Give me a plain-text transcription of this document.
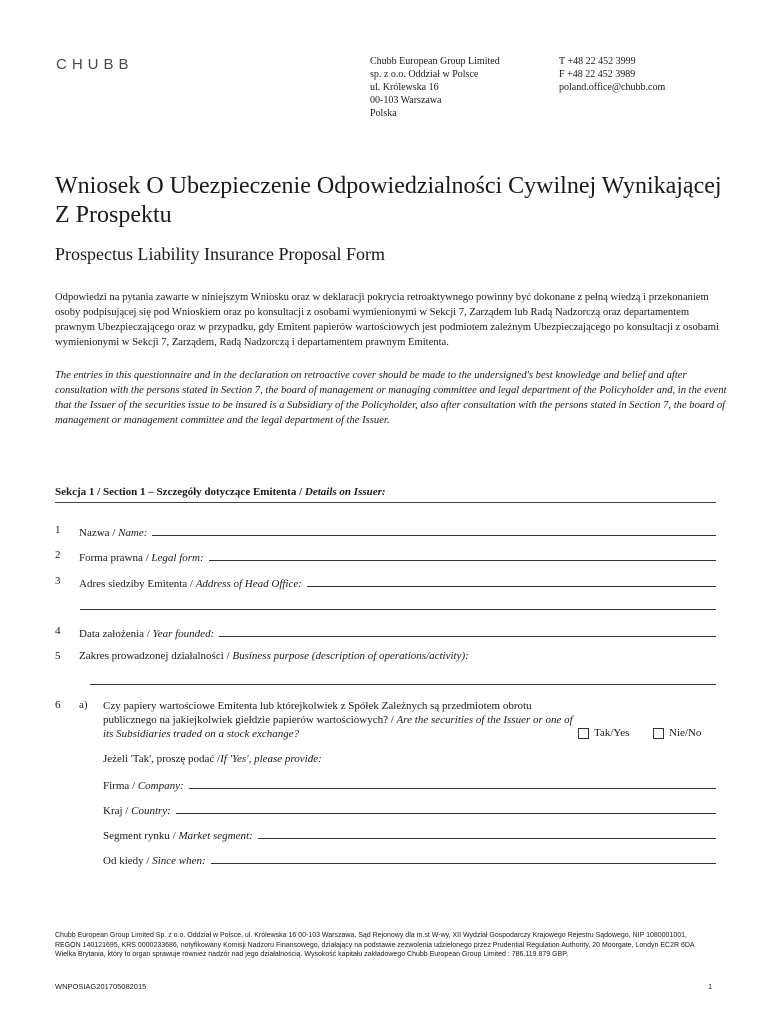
CHUBB	Chubb European Group Limited
sp. z o.o. Oddział w Polsce
ul. Królewska 16
00-103 Warszawa
Polska
T +48 22 452 3999
F +48 22 452 3989
poland.office@chubb.com
Wniosek O Ubezpieczenie Odpowiedzialności Cywilnej Wynikającej Z Prospektu
Prospectus Liability Insurance Proposal Form

Odpowiedzi na pytania zawarte w niniejszym Wniosku oraz w deklaracji pokrycia retroaktywnego powinny być dokonane z pełną wiedzą i przekonaniem osoby podpisującej się pod Wnioskiem oraz po konsultacji z osobami wymienionymi w Sekcji 7, Zarządem lub Radą Nadzorczą oraz departamentem prawnym Ubezpieczającego oraz w przypadku, gdy Emitent papierów wartościowych jest podmiotem zależnym Ubezpieczającego po konsultacji z osobami wymienionymi w Sekcji 7, Zarządem, Radą Nadzorczą i departamentem prawnym Emitenta.

The entries in this questionnaire and in the declaration on retroactive cover should be made to the undersigned's best knowledge and belief and after consultation with the persons stated in Section 7, the board of management or managing committee and legal department of the Policyholder and, in the event that the Issuer of the securities issue to be insured is a Subsidiary of the Policyholder, also after consultation with the persons stated in Section 7, the board of management or management committee and the legal department of the Issuer.

Sekcja 1 / Section 1 – Szczegóły dotyczące Emitenta / Details on Issuer:
1 Nazwa / Name:
2 Forma prawna / Legal form:
3 Adres siedziby Emitenta / Address of Head Office:
4 Data założenia / Year founded:
5 Zakres prowadzonej działalności / Business purpose (description of operations/activity):
6 a) Czy papiery wartościowe Emitenta lub którejkolwiek z Spółek Zależnych są przedmiotem obrotu publicznego na jakiejkolwiek giełdzie papierów wartościowych? / Are the securities of the Issuer or one of its Subsidiaries traded on a stock exchange?	Tak/Yes	Nie/No
Jeżeli 'Tak', proszę podać / If 'Yes', please provide:
Firma / Company:
Kraj / Country:
Segment rynku / Market segment:
Od kiedy / Since when:
Chubb European Group Limited Sp. z o.o. Oddział w Polsce, ul. Królewska 16 00-103 Warszawa, Sąd Rejonowy dla m.st W-wy, XII Wydział Gospodarczy Krajowego Rejestru Sądowego, NIP 1080001001, REGON 140121695, KRS 0000233686, notyfikowany Komisji Nadzoru Finansowego, działający na podstawie zezwolenia udzielonego przez Prudential Regulation Authority, 20 Moorgate, Londyn EC2R 6DA Wielka Brytania, który to organ sprawuje również nadzór nad jego działalnością. Wysokość kapitału zakładowego Chubb European Group Limited : 786.119.879 GBP.
WNPOSIAG201705082015	1
